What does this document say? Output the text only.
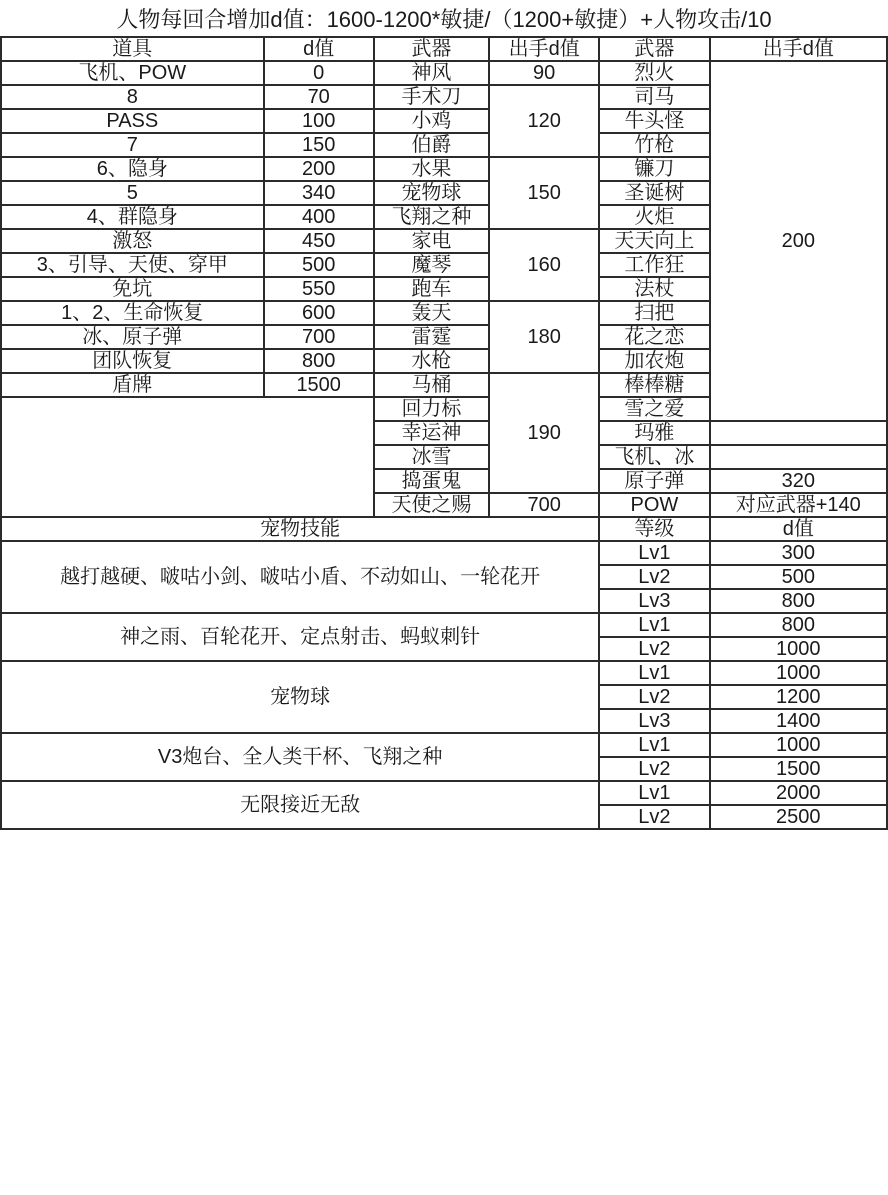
人物每回合增加d值：1600-1200*敏捷/（1200+敏捷）+人物攻击/10
道具	d值	武器	出手d值	武器	出手d值
飞机、POW	0	神风	90	烈火	200
8	70	手术刀	120	司马	
PASS	100	小鸡		牛头怪	
7	150	伯爵		竹枪	
6、隐身	200	水果	150	镰刀	
5	340	宠物球		圣诞树	
4、群隐身	400	飞翔之种		火炬	
激怒	450	家电	160	天天向上	
3、引导、天使、穿甲	500	魔琴		工作狂	
免坑	550	跑车		法杖	
1、2、生命恢复	600	轰天	180	扫把	
冰、原子弹	700	雷霆		花之恋	
团队恢复	800	水枪		加农炮	
盾牌	1500	马桶	190	棒棒糖	
		回力标		雪之爱	
		幸运神		玛雅	
		冰雪		飞机、冰	
		捣蛋鬼		原子弹	320
		天使之赐	700	POW	对应武器+140
宠物技能				等级	d值
越打越硬、啵咕小剑、啵咕小盾、不动如山、一轮花开				Lv1	300
				Lv2	500
				Lv3	800
神之雨、百轮花开、定点射击、蚂蚁刺针				Lv1	800
				Lv2	1000
宠物球				Lv1	1000
				Lv2	1200
				Lv3	1400
V3炮台、全人类干杯、飞翔之种				Lv1	1000
				Lv2	1500
无限接近无敌				Lv1	2000
				Lv2	2500
